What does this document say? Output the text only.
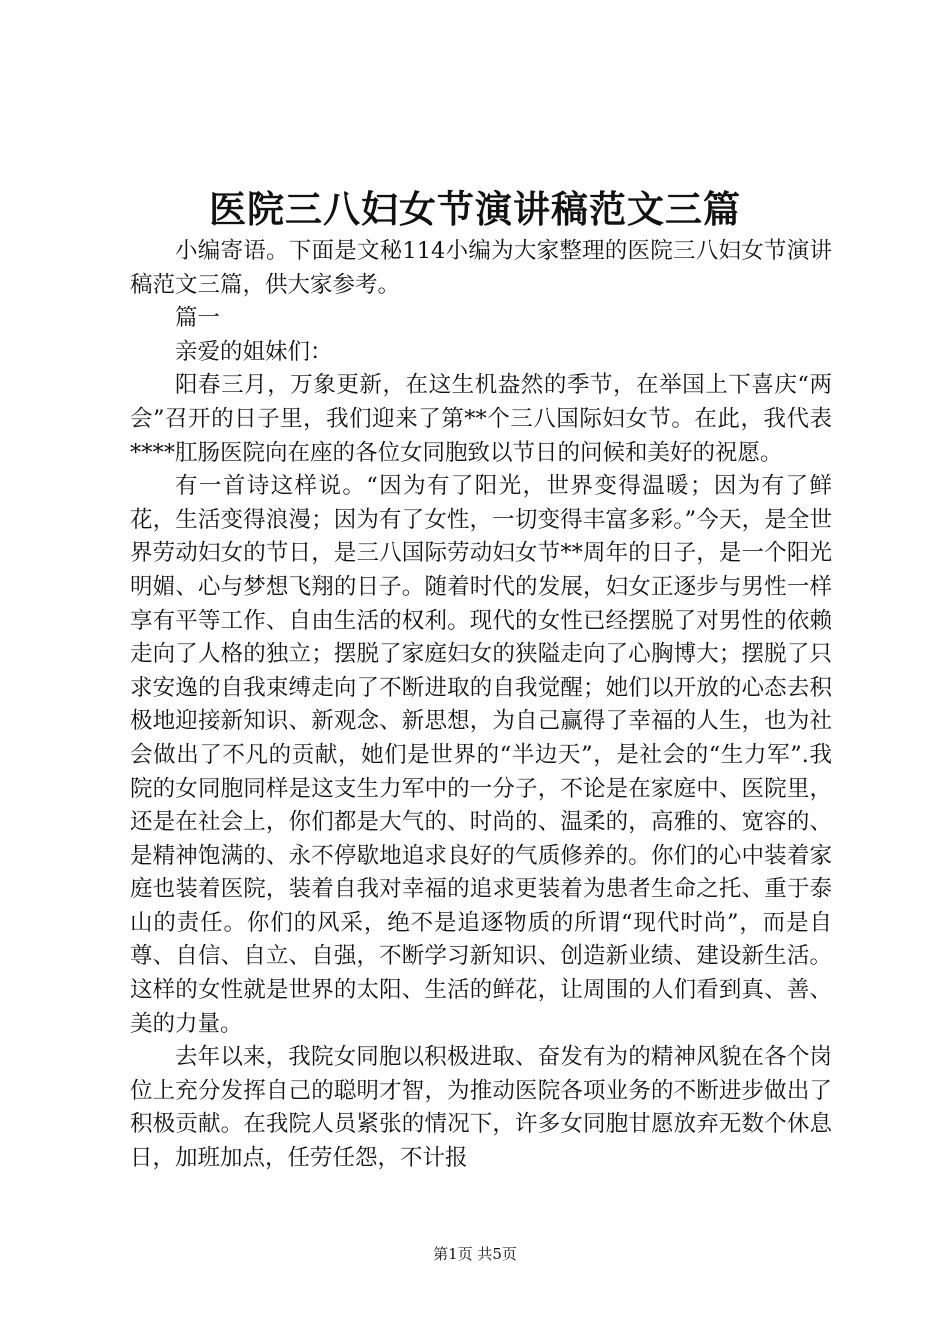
医院三八妇女节演讲稿范文三篇

小编寄语。下面是文秘114小编为大家整理的医院三八妇女节演讲稿范文三篇，供大家参考。

篇一

亲爱的姐妹们：

阳春三月，万象更新，在这生机盎然的季节，在举国上下喜庆“两会”召开的日子里，我们迎来了第**个三八国际妇女节。在此，我代表****肛肠医院向在座的各位女同胞致以节日的问候和美好的祝愿。

有一首诗这样说。“因为有了阳光，世界变得温暖；因为有了鲜花，生活变得浪漫；因为有了女性，一切变得丰富多彩。”今天，是全世界劳动妇女的节日，是三八国际劳动妇女节**周年的日子，是一个阳光明媚、心与梦想飞翔的日子。随着时代的发展，妇女正逐步与男性一样享有平等工作、自由生活的权利。现代的女性已经摆脱了对男性的依赖走向了人格的独立；摆脱了家庭妇女的狭隘走向了心胸博大；摆脱了只求安逸的自我束缚走向了不断进取的自我觉醒；她们以开放的心态去积极地迎接新知识、新观念、新思想，为自己赢得了幸福的人生，也为社会做出了不凡的贡献，她们是世界的“半边天”，是社会的“生力军”.我院的女同胞同样是这支生力军中的一分子，不论是在家庭中、医院里，还是在社会上，你们都是大气的、时尚的、温柔的，高雅的、宽容的、是精神饱满的、永不停歇地追求良好的气质修养的。你们的心中装着家庭也装着医院，装着自我对幸福的追求更装着为患者生命之托、重于泰山的责任。你们的风采，绝不是追逐物质的所谓“现代时尚”，而是自尊、自信、自立、自强，不断学习新知识、创造新业绩、建设新生活。这样的女性就是世界的太阳、生活的鲜花，让周围的人们看到真、善、美的力量。

去年以来，我院女同胞以积极进取、奋发有为的精神风貌在各个岗位上充分发挥自己的聪明才智，为推动医院各项业务的不断进步做出了积极贡献。在我院人员紧张的情况下，许多女同胞甘愿放弃无数个休息日，加班加点，任劳任怨，不计报

第1页 共5页
